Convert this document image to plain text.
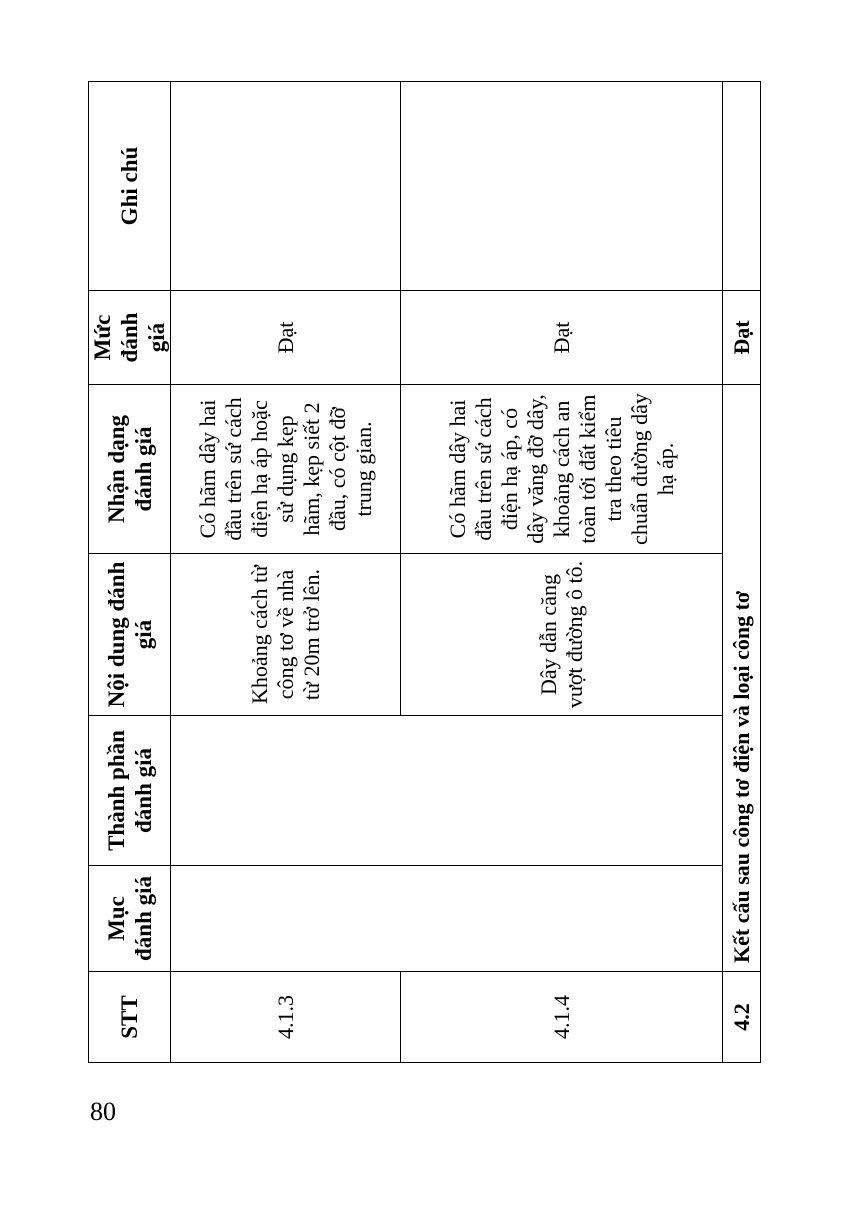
STT	Mục đánh giá	Thành phần đánh giá	Nội dung đánh giá	Nhận dạng đánh giá	Mức đánh giá	Ghi chú
4.1.3			Khoảng cách từ công tơ về nhà từ 20m trở lên.	Có hãm dây hai đầu trên sứ cách điện hạ áp hoặc sử dụng kẹp hãm, kẹp siết 2 đầu, có cột đỡ trung gian.	Đạt	
4.1.4			Dây dẫn căng vượt đường ô tô.	Có hãm dây hai đầu trên sứ cách điện hạ áp, có dây văng đỡ dây, khoảng cách an toàn tới đất kiểm tra theo tiêu chuẩn đường dây hạ áp.	Đạt	
4.2	Kết cấu sau công tơ điện và loại công tơ				Đạt	
80
